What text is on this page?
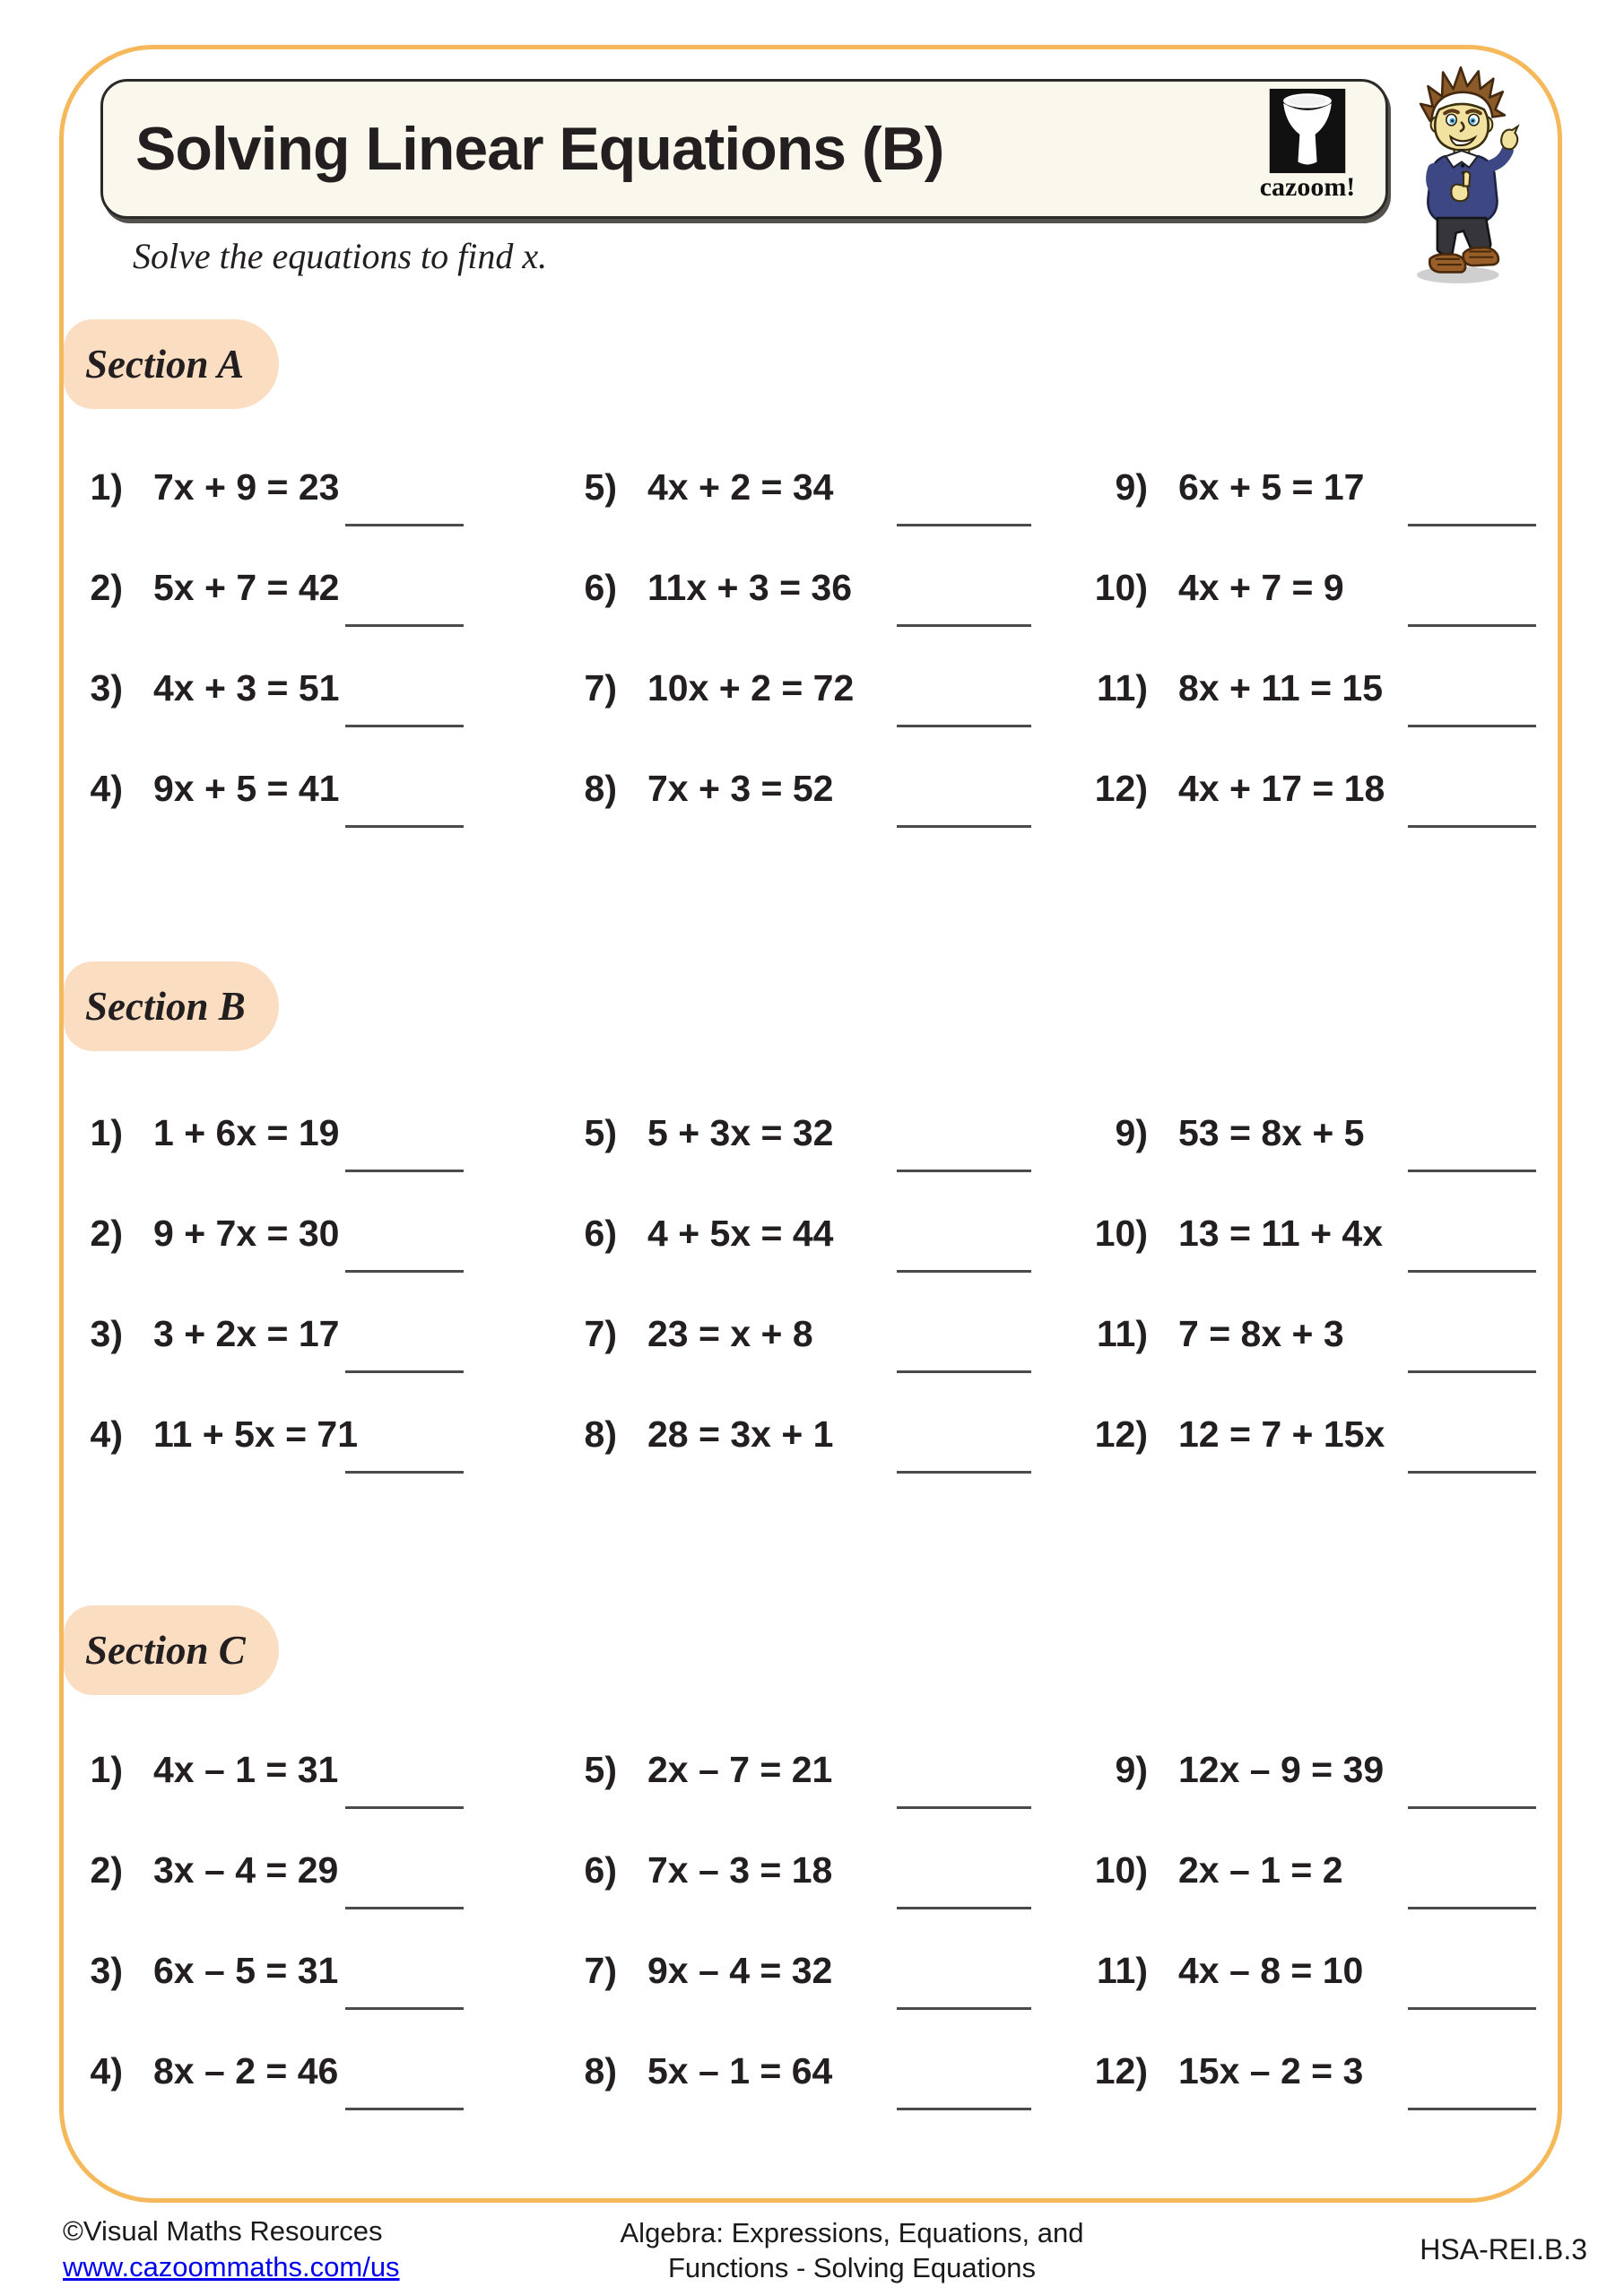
Solving Linear Equations (B)
cazoom!
Solve the equations to find x.
Section A
Section B
Section C
1) 7x + 9 = 23
2) 5x + 7 = 42
3) 4x + 3 = 51
4) 9x + 5 = 41
5) 4x + 2 = 34
6) 11x + 3 = 36
7) 10x + 2 = 72
8) 7x + 3 = 52
9) 6x + 5 = 17
10) 4x + 7 = 9
11) 8x + 11 = 15
12) 4x + 17 = 18
1) 1 + 6x = 19
2) 9 + 7x = 30
3) 3 + 2x = 17
4) 11 + 5x = 71
5) 5 + 3x = 32
6) 4 + 5x = 44
7) 23 = x + 8
8) 28 = 3x + 1
9) 53 = 8x + 5
10) 13 = 11 + 4x
11) 7 = 8x + 3
12) 12 = 7 + 15x
1) 4x – 1 = 31
2) 3x – 4 = 29
3) 6x – 5 = 31
4) 8x – 2 = 46
5) 2x – 7 = 21
6) 7x – 3 = 18
7) 9x – 4 = 32
8) 5x – 1 = 64
9) 12x – 9 = 39
10) 2x – 1 = 2
11) 4x – 8 = 10
12) 15x – 2 = 3
©Visual Maths Resources
www.cazoommaths.com/us
Algebra: Expressions, Equations, and
Functions - Solving Equations
HSA-REI.B.3
